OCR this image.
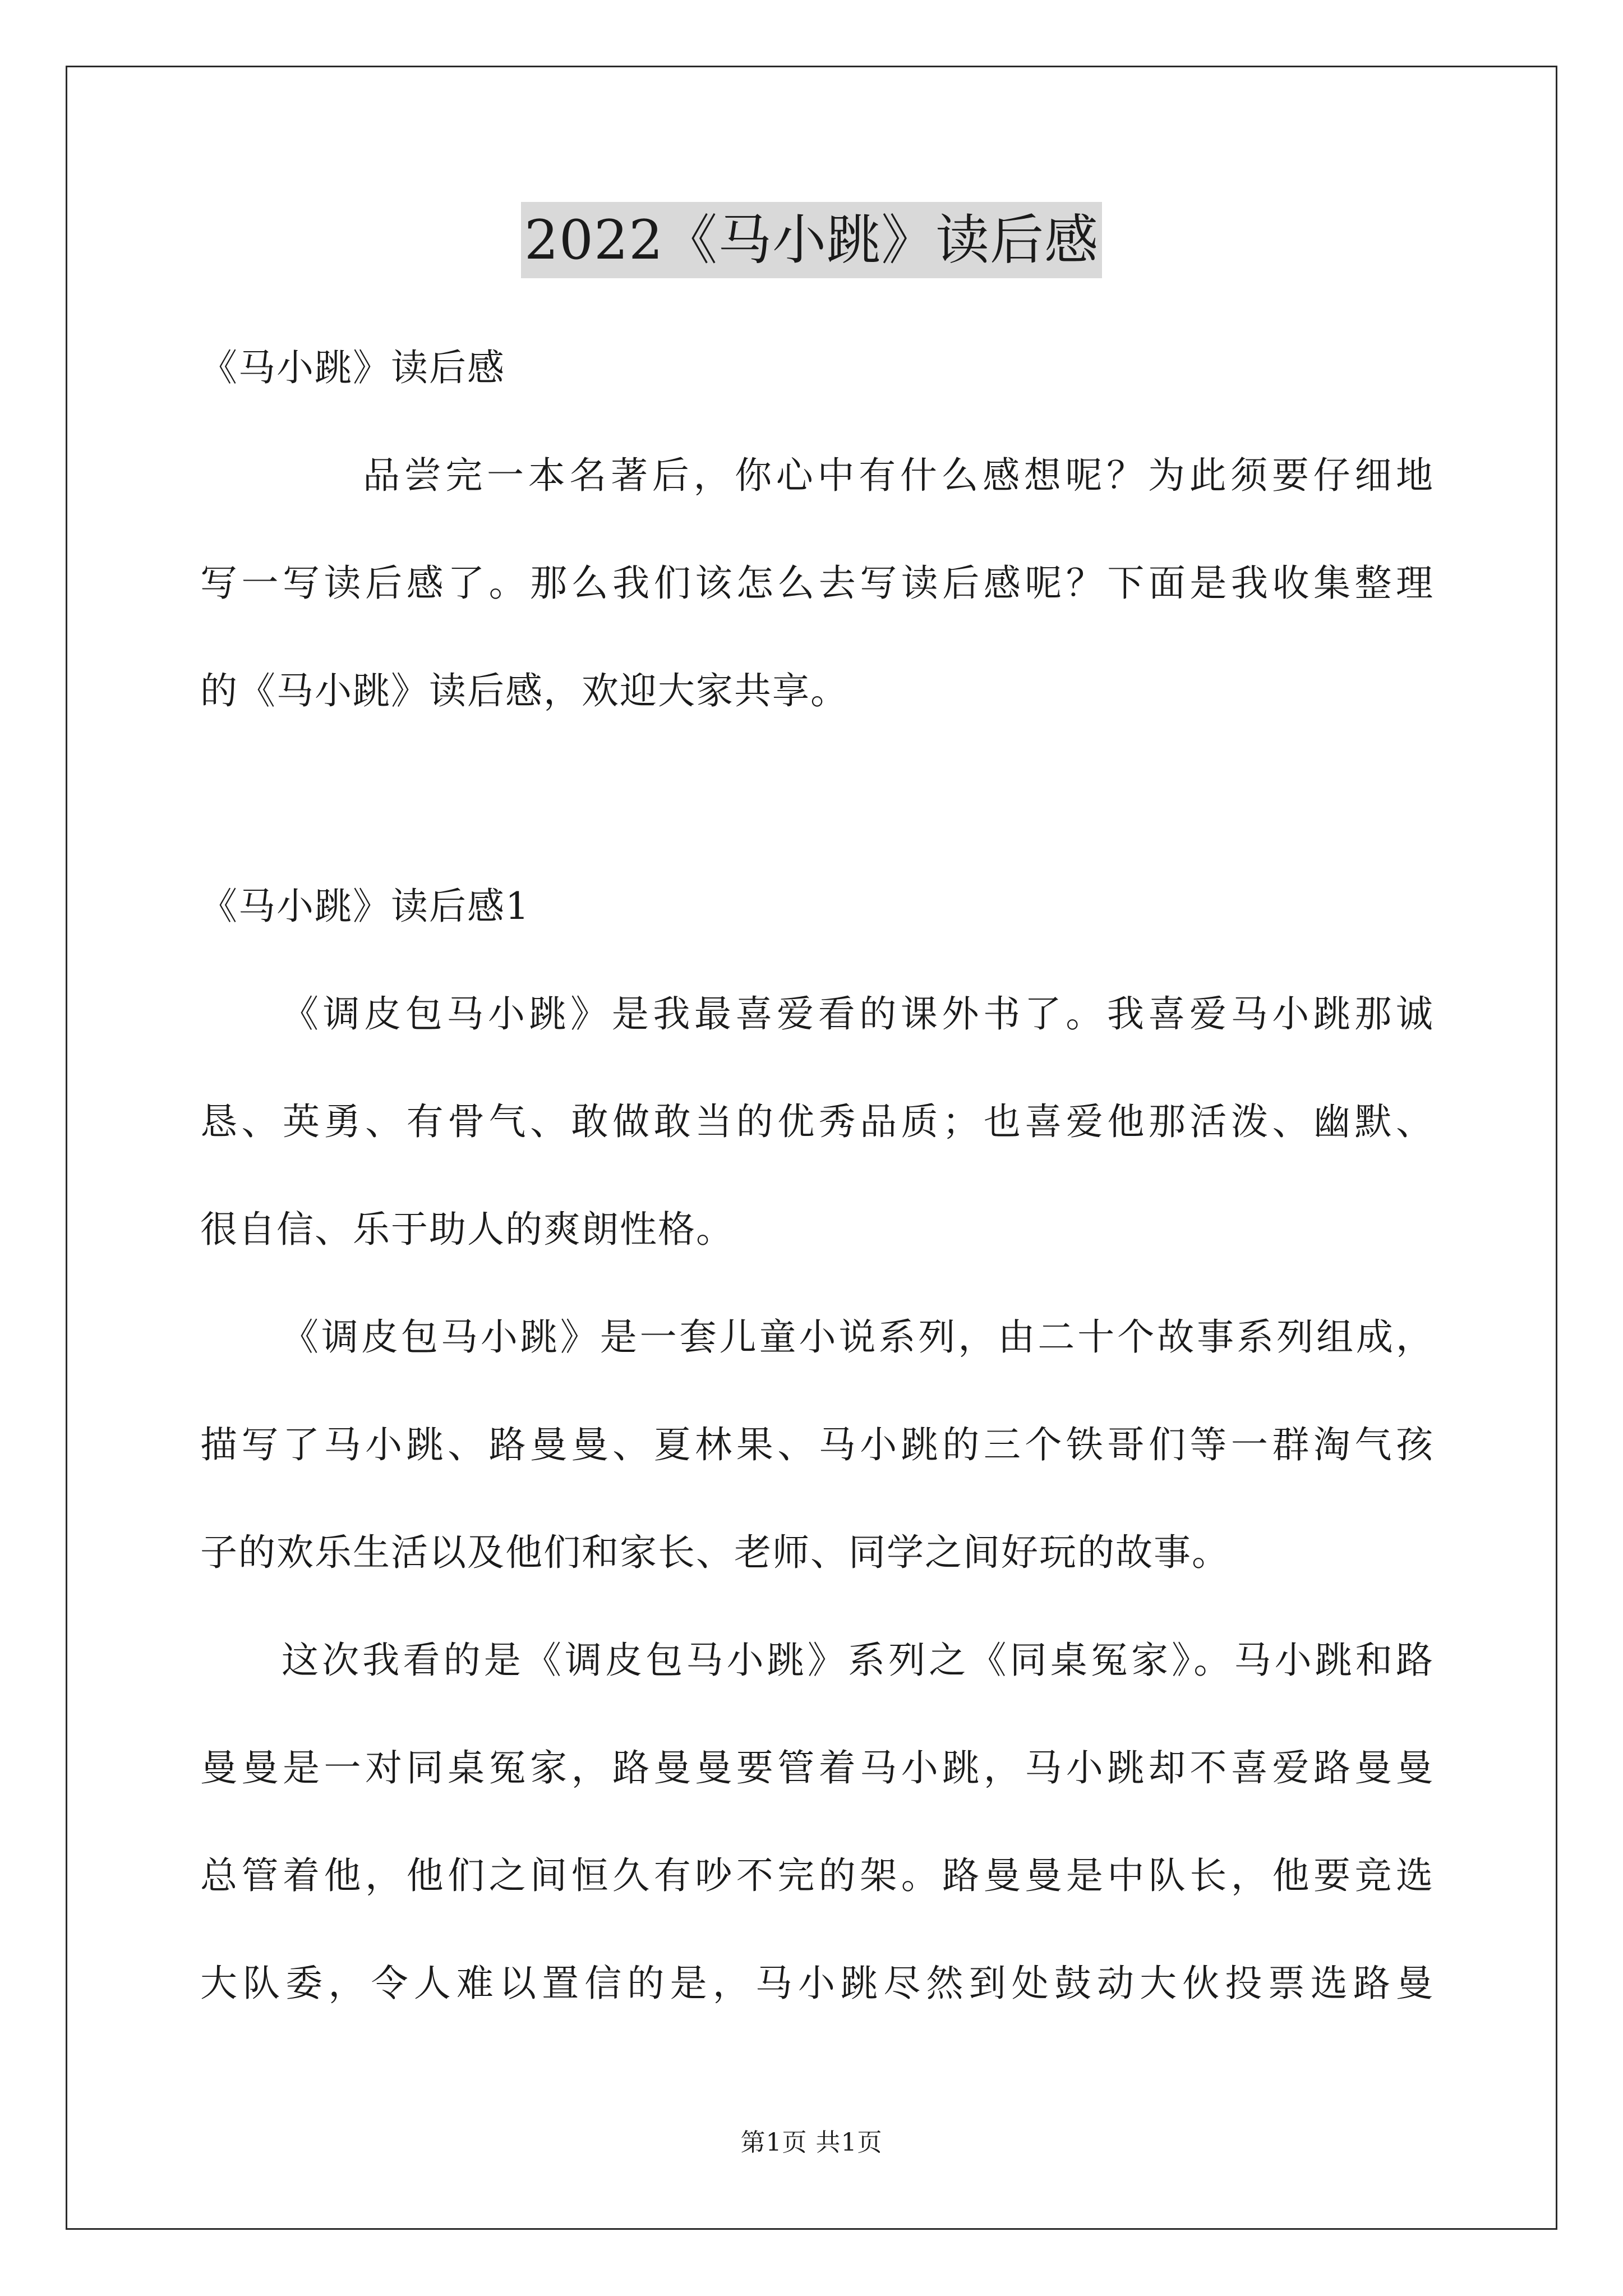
2022《马小跳》读后感
《马小跳》读后感
品尝完一本名著后，你心中有什么感想呢？为此须要仔细地
写一写读后感了。那么我们该怎么去写读后感呢？下面是我收集整理
的《马小跳》读后感，欢迎大家共享。
《马小跳》读后感1
《调皮包马小跳》是我最喜爱看的课外书了。我喜爱马小跳那诚
恳、英勇、有骨气、敢做敢当的优秀品质；也喜爱他那活泼、幽默、
很自信、乐于助人的爽朗性格。
《调皮包马小跳》是一套儿童小说系列，由二十个故事系列组成，
描写了马小跳、路曼曼、夏林果、马小跳的三个铁哥们等一群淘气孩
子的欢乐生活以及他们和家长、老师、同学之间好玩的故事。
这次我看的是《调皮包马小跳》系列之《同桌冤家》。马小跳和路
曼曼是一对同桌冤家，路曼曼要管着马小跳，马小跳却不喜爱路曼曼
总管着他，他们之间恒久有吵不完的架。路曼曼是中队长，他要竞选
大队委，令人难以置信的是，马小跳尽然到处鼓动大伙投票选路曼
第1页 共1页
